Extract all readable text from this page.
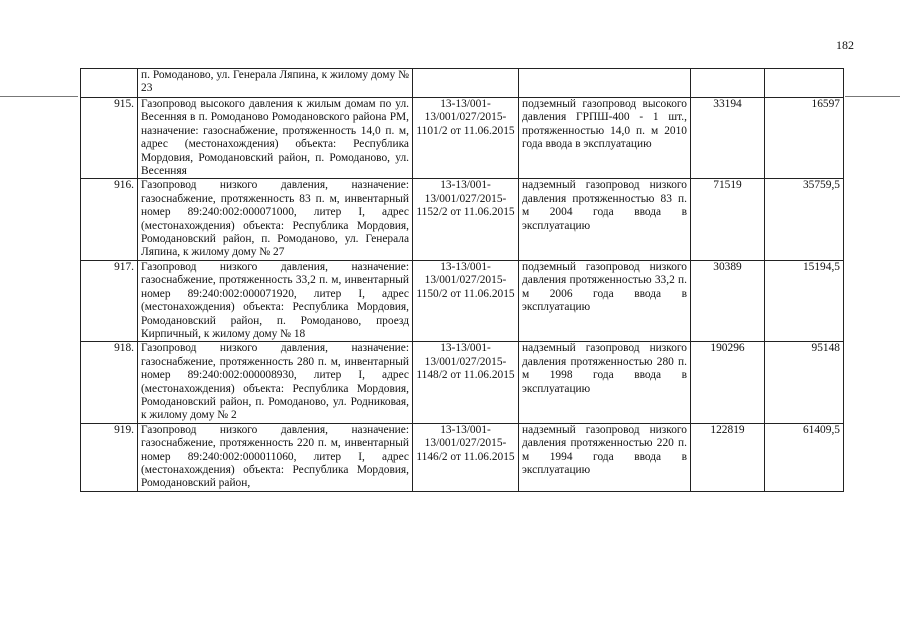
182
	п. Ромоданово, ул. Генерала Ляпина, к жилому дому № 23				
915.	Газопровод высокого давления к жилым домам по ул. Весенняя в п. Ромоданово Ромодановского района РМ, назначение: газоснабжение, протяженность 14,0 п. м, адрес (местонахождения) объекта: Республика Мордовия, Ромодановский район, п. Ромоданово, ул. Весенняя	13-13/001-13/001/027/2015-1101/2 от 11.06.2015	подземный газопровод высокого давления ГРПШ-400 - 1 шт., протяженностью 14,0 п. м 2010 года ввода в эксплуатацию	33194	16597
916.	Газопровод низкого давления, назначение: газоснабжение, протяженность 83 п. м, инвентарный номер 89:240:002:000071000, литер I, адрес (местонахождения) объекта: Республика Мордовия, Ромодановский район, п. Ромоданово, ул. Генерала Ляпина, к жилому дому № 27	13-13/001-13/001/027/2015-1152/2 от 11.06.2015	надземный газопровод низкого давления протяженностью 83 п. м 2004 года ввода в эксплуатацию	71519	35759,5
917.	Газопровод низкого давления, назначение: газоснабжение, протяженность 33,2 п. м, инвентарный номер 89:240:002:000071920, литер I, адрес (местонахождения) объекта: Республика Мордовия, Ромодановский район, п. Ромоданово, проезд Кирпичный, к жилому дому № 18	13-13/001-13/001/027/2015-1150/2 от 11.06.2015	подземный газопровод низкого давления протяженностью 33,2 п. м 2006 года ввода в эксплуатацию	30389	15194,5
918.	Газопровод низкого давления, назначение: газоснабжение, протяженность 280 п. м, инвентарный номер 89:240:002:000008930, литер I, адрес (местонахождения) объекта: Республика Мордовия, Ромодановский район, п. Ромоданово, ул. Родниковая, к жилому дому № 2	13-13/001-13/001/027/2015-1148/2 от 11.06.2015	надземный газопровод низкого давления протяженностью 280 п. м 1998 года ввода в эксплуатацию	190296	95148
919.	Газопровод низкого давления, назначение: газоснабжение, протяженность 220 п. м, инвентарный номер 89:240:002:000011060, литер I, адрес (местонахождения) объекта: Республика Мордовия, Ромодановский район,	13-13/001-13/001/027/2015-1146/2 от 11.06.2015	надземный газопровод низкого давления протяженностью 220 п. м 1994 года ввода в эксплуатацию	122819	61409,5
